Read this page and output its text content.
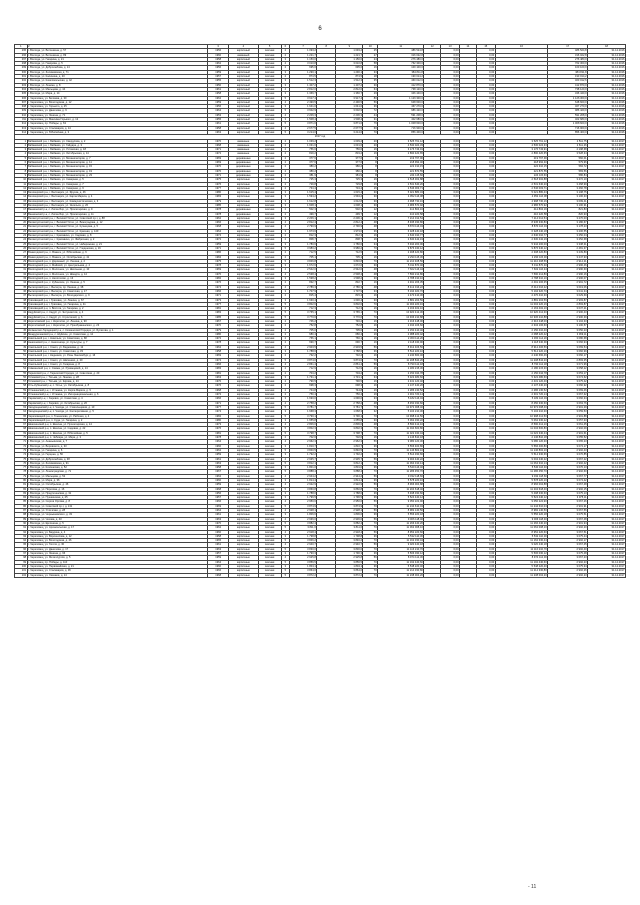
6
1	2	3	4	5	6	7	8	9	10	11	12	13	14	15	16	17	18
295	г. Вологда, ул. Ветошкина, д. 57	1956	кирпичный	скатная	2	1 093,2		1 093,2	25	486 524,8		0,00		0,00		486 524,8	31.12.2016
296	г. Вологда, ул. Ветошкина, д. 89	1960	каменный	скатная	2	1 221,7		1 221,7	27	316 022,8		0,00		0,00		316 022,8	31.12.2016
297	г. Вологда, ул. Гагарина, д. 21	1958	кирпичный	скатная	3	1 150,0		1 150,0	24	276 480,0		0,00		0,00		276 480,0	31.12.2016
298	г. Вологда, ул. Говорова, д. 5	1962	кирпичный	скатная	4	3 010,8		3 010,8	58	762 300,0		0,00		0,00		762 300,0	31.12.2016
299	г. Вологда, ул. Добролюбова, д. 14	1956	кирпичный	скатная	2	695,6		695,6	16	100 100,0		0,00		0,00		100 100,0	31.12.2016
300	г. Вологда, ул. Зосимовская, д. 71	1959	кирпичный	скатная	3	1 290,1		1 290,1	33	384 811,8		0,00		0,00		384 811,8	31.12.2016
301	г. Вологда, ул. Калинина, д. 20	1957	кирпичный	скатная	2	874,5		874,5	18	190 014,2		0,00		0,00		190 014,2	31.12.2016
302	г. Вологда, ул. Комсомольская, д. 42	1955	кирпичный	скатная	3	1 512,3		1 512,3	35	460 012,6		0,00		0,00		460 012,6	31.12.2016
303	г. Вологда, ул. Ленина, д. 8	1950	кирпичный	скатная	3	1 407,2		1 407,2	30	412 870,0		0,00		0,00		412 870,0	31.12.2016
304	г. Вологда, ул. Мальцева, д. 44	1961	кирпичный	скатная	4	2 812,0		2 812,0	64	738 120,0		0,00		0,00		738 120,0	31.12.2016
305	г. Вологда, ул. Мира, д. 14	1958	кирпичный	скатная	3	1 366,7		1 366,7	29	346 440,0		0,00		0,00		346 440,0	31.12.2016
306	г. Череповец, ул. Беляева, д. 30	1962	кирпичный	скатная	5	3 917,4		3 917,4	80	1 126 300,0		0,00		0,00		1 126 300,0	31.12.2016
307	г. Череповец, ул. Вологодская, д. 12	1959	кирпичный	скатная	4	2 490,5		2 490,5	56	648 600,0		0,00		0,00		648 600,0	31.12.2016
308	г. Череповец, ул. Горького, д. 25	1956	кирпичный	скатная	3	1 641,0		1 641,0	36	467 270,0		0,00		0,00		467 270,0	31.12.2016
309	г. Череповец, ул. Данилова, д. 9	1964	кирпичный	скатная	5	3 602,9		3 602,9	72	986 420,0		0,00		0,00		986 420,0	31.12.2016
310	г. Череповец, ул. Ленина, д. 71	1953	кирпичный	скатная	4	2 206,3		2 206,3	44	591 208,0		0,00		0,00		591 208,0	31.12.2016
311	г. Череповец, ул. Максима Горького, д. 12	1955	кирпичный	скатная	3	1 508,4		1 508,4	31	402 680,0		0,00		0,00		402 680,0	31.12.2016
312	г. Череповец, пр. Победы, д. 63	1961	кирпичный	скатная	5	3 871,6		3 871,6	76	1 008 600,0		0,00		0,00		1 008 600,0	31.12.2016
313	г. Череповец, ул. Сталеваров, д. 14	1958	кирпичный	скатная	4	2 677,5		2 677,5	60	716 900,0		0,00		0,00		716 900,0	31.12.2016
314	г. Череповец, ул. Юбилейная, д. 3	1963	кирпичный	скатная	5	3 214,0		3 214,0	70	856 400,0		0,00		0,00		856 400,0	31.12.2016
2017 год																	
1	Бабаевский р-н, г. Бабаево, ул. Свердлова, д. 2	1970	каменные	скатная	2	1 039,2		1 039,2	20	3 525 761,12		0,00		0,00	3 525 761,12	2 511,75	31.12.2017
2	Бабаевский р-н, г. Бабаево, ул. Гайдара, д. 3	1968	каменные	скатная	2	1 031,6		1 031,6	20	4 530 024,33		0,00		0,00	4 530 024,33	2 611,26	31.12.2017
3	Бабаевский р-н, г. Бабаево, ул. Ухтомская, д. 18	1971	каменные	скатная	2	756,6		756,6	16	3 176 743,91		0,00		0,00	3 176 743,91	4 198,68	31.12.2017
4	Бабаевский р-н, г. Бабаево, ул. Октябрьская, д. 14	1972	каменные	скатная	2	819,2		819,2	16	2 890 420,65		0,00		0,00	2 890 420,65	3 528,34	31.12.2017
5	Бабаевский р-н, г. Бабаево, ул. Механизаторов, д. 7	1969	деревянные	скатная	2	377,6		377,6	8	219 767,90		0,00		0,00	219 767,90	582,01	31.12.2017
6	Бабаевский р-н, г. Бабаево, ул. Механизаторов, д. 11	1969	деревянные	скатная	2	377,6		377,6	8	218 992,40		0,00		0,00	218 992,40	579,96	31.12.2017
7	Бабаевский р-н, г. Бабаево, ул. Механизаторов, д. 15	1970	деревянные	скатная	2	380,2		380,2	8	222 310,15		0,00		0,00	222 310,15	584,72	31.12.2017
8	Бабаевский р-н, г. Бабаево, ул. Механизаторов, д. 19	1970	деревянные	скатная	2	380,2		380,2	8	221 870,55		0,00		0,00	221 870,55	583,56	31.12.2017
9	Бабаевский р-н, г. Бабаево, ул. Механизаторов, д. 23	1971	деревянные	скатная	2	381,9		381,9	8	224 115,60		0,00		0,00	224 115,60	586,84	31.12.2017
10	Бабаевский р-н, г. Бабаево, ул. Северная, д. 5	1975	кирпичные	скатная	2	725,3		725,3	16	2 518 302,88		0,00		0,00	2 518 302,88	3 472,10	31.12.2017
11	Бабаевский р-н, г. Бабаево, ул. Северная, д. 7	1976	кирпичные	скатная	2	729,8		729,8	16	2 531 640,20		0,00		0,00	2 531 640,20	3 468,99	31.12.2017
12	Бабаевский р-н, г. Бабаево, ул. Северная, д. 9	1977	кирпичные	скатная	2	734,4		734,4	16	2 546 003,71		0,00		0,00	2 546 003,71	3 466,78	31.12.2017
13	Белозерский р-н, г. Белозерск, ул. Фрунзе, д. 46	1980	кирпичные	скатная	3	1 615,4		1 615,4	30	5 021 880,43		0,00		0,00	5 021 880,43	3 108,75	31.12.2017
14	Белозерский р-н, г. Белозерск, ул. Карла Маркса, д. 4	1983	кирпичные	скатная	3	1 594,2		1 594,2	30	4 952 116,08		0,00		0,00	4 952 116,08	3 106,33	31.12.2017
15	Белозерский р-н, г. Белозерск, ул. Коммунистическая, д. 3	1979	кирпичные	скатная	3	1 612,8		1 612,8	30	4 998 730,16		0,00		0,00	4 998 730,16	3 099,41	31.12.2017
16	Белозерский р-н, г. Белозерск, ул. Энгельса, д. 20	1985	кирпичные	скатная	3	1 608,1		1 608,1	30	4 986 570,92		0,00		0,00	4 986 570,92	3 100,91	31.12.2017
17	Вашкинский р-н, с. Липин Бор, ул. Пролетарская, д. 9	1978	деревянные	скатная	2	502,3		502,3	12	412 804,16		0,00		0,00	412 804,16	821,83	31.12.2017
18	Вашкинский р-н, с. Липин Бор, ул. Пролетарская, д. 11	1978	деревянные	скатная	2	499,7		499,7	12	410 220,58		0,00		0,00	410 220,58	820,93	31.12.2017
19	Великоустюгский р-н, г. Великий Устюг, ул. Советский пр-т, д. 88	1962	кирпичные	скатная	3	2 206,1		2 206,1	40	7 214 012,54		0,00		0,00	7 214 012,54	3 270,03	31.12.2017
20	Великоустюгский р-н, г. Великий Устюг, ул. Виноградова, д. 12	1966	кирпичные	скатная	4	2 812,4		2 812,4	48	8 945 330,80		0,00		0,00	8 945 330,80	3 180,67	31.12.2017
21	Великоустюгский р-н, г. Великий Устюг, ул. Кузнецова, д. 5	1968	кирпичные	скатная	4	2 790,9		2 790,9	48	8 870 116,04		0,00		0,00	8 870 116,04	3 178,23	31.12.2017
22	Великоустюгский р-н, г. Великий Устюг, ул. Красная, д. 140	1964	кирпичные	скатная	3	1 973,6		1 973,6	36	6 328 440,18		0,00		0,00	6 328 440,18	3 206,55	31.12.2017
23	Великоустюгский р-н, г. Красавино, ул. Садовая, д. 8	1974	кирпичные	скатная	2	812,3		812,3	16	2 640 010,77		0,00		0,00	2 640 010,77	3 250,04	31.12.2017
24	Великоустюгский р-н, г. Красавино, ул. Фабричная, д. 2	1972	кирпичные	скатная	2	808,7		808,7	16	2 630 442,19		0,00		0,00	2 630 442,19	3 252,68	31.12.2017
25	Великоустюгский р-н, г. Великий Устюг, ул. Набережная, д. 21	1959	кирпичные	скатная	3	1 780,6		1 780,6	34	5 944 200,00		0,00		0,00	5 944 200,00	3 338,31	31.12.2017
26	Великоустюгский р-н, г. Великий Устюг, ул. Гледенская, д. 16	1971	кирпичные	скатная	5	3 980,2		3 980,2	70	9 876 340,12		0,00		0,00	9 876 340,12	2 481,37	31.12.2017
27	Вожегодский р-н, п. Вожега, ул. Юбилейная, д. 6	1986	кирпичные	скатная	2	712,5		712,5	16	2 308 420,80		0,00		0,00	2 308 420,80	3 239,89	31.12.2017
28	Вожегодский р-н, п. Вожега, ул. Октябрьская, д. 41	1984	кирпичные	скатная	2	705,1		705,1	16	2 290 115,30		0,00		0,00	2 290 115,30	3 247,93	31.12.2017
29	Вологодский р-н, п. Дорожный, ул. Ленина, д. 2	1975	кирпичные	скатная	5	3 846,8		3 846,8	70	11 210 408,56		0,00		0,00	11 210 408,56	2 914,21	31.12.2017
30	Вологодский р-н, п. Майский, ул. Центральная, д. 4	1978	кирпичные	скатная	3	1 672,6		1 672,6	30	5 011 870,40		0,00		0,00	5 011 870,40	2 996,46	31.12.2017
31	Вологодский р-н, п. Молочное, ул. Школьная, д. 10	1969	кирпичные	скатная	4	2 542,0		2 542,0	48	7 602 116,44		0,00		0,00	7 602 116,44	2 990,60	31.12.2017
32	Вологодский р-н, п. Молочное, ул. Шмидта, д. 14	1970	кирпичные	скатная	4	2 538,4		2 538,4	48	7 590 212,80		0,00		0,00	7 590 212,80	2 990,16	31.12.2017
33	Вологодский р-н, п. Непотягово, д. 13	1982	кирпичные	скатная	3	1 598,2		1 598,2	30	4 788 310,10		0,00		0,00	4 788 310,10	2 996,07	31.12.2017
34	Вологодский р-н, с. Кубенское, ул. Ленина, д. 5	1976	кирпичные	скатная	2	832,7		832,7	16	2 491 206,35		0,00		0,00	2 491 206,35	2 991,72	31.12.2017
35	Вытегорский р-н, г. Вытегра, пр. Ленина, д. 38	1974	кирпичные	скатная	4	2 786,3		2 786,3	48	8 412 016,22		0,00		0,00	8 412 016,22	3 019,06	31.12.2017
36	Вытегорский р-н, г. Вытегра, ул. Советская, д. 17	1966	кирпичные	скатная	3	1 707,9		1 707,9	33	5 194 320,70		0,00		0,00	5 194 320,70	3 041,34	31.12.2017
37	Вытегорский р-н, г. Вытегра, ул. Володарского, д. 9	1971	кирпичные	скатная	2	815,4		815,4	16	2 470 410,30		0,00		0,00	2 470 410,30	3 029,69	31.12.2017
38	Грязовецкий р-н, г. Грязовец, ул. Ленина, д. 67	1973	кирпичные	скатная	3	1 630,4		1 630,4	30	4 881 204,56		0,00		0,00	4 881 204,56	2 993,87	31.12.2017
39	Грязовецкий р-н, г. Грязовец, ул. Гагарина, д. 41	1977	кирпичные	скатная	5	3 802,6		3 802,6	70	11 004 220,16		0,00		0,00	11 004 220,16	2 893,87	31.12.2017
40	Грязовецкий р-н, п. Вохтога, ул. Гагарина, д. 2	1981	кирпичные	скатная	2	712,3		712,3	16	2 163 402,10		0,00		0,00	2 163 402,10	3 037,21	31.12.2017
41	Кадуйский р-н, п. Кадуй, ул. Энтузиастов, д. 4	1983	кирпичные	скатная	5	3 765,1		3 765,1	70	10 920 412,30		0,00		0,00	10 920 412,30	2 900,43	31.12.2017
42	Кадуйский р-н, п. Кадуй, ул. Строителей, д. 6	1985	кирпичные	скатная	5	3 770,6		3 770,6	70	10 936 210,88		0,00		0,00	10 936 210,88	2 900,39	31.12.2017
43	Кирилловский р-н, г. Кириллов, ул. Ленина, д. 90	1967	кирпичные	скатная	2	746,2		746,2	16	2 316 448,00		0,00		0,00	2 316 448,00	3 104,33	31.12.2017
44	Кирилловский р-н, г. Кириллов, ул. Преображенского, д. 23	1970	кирпичные	скатная	2	752,8		752,8	16	2 334 106,60		0,00		0,00	2 334 106,60	3 100,57	31.12.2017
45	Кичменгско-Городецкий р-н, с. Кичменгский Городок, ул. Булатова, д. 1	1979	кирпичные	скатная	2	705,0		705,0	16	2 150 410,40		0,00		0,00	2 150 410,40	3 050,23	31.12.2017
46	Междуреченский р-н, с. Шуйское, ул. Советская, д. 12	1980	кирпичные	скатная	2	680,4		680,4	16	2 088 220,42		0,00		0,00	2 088 220,42	3 069,11	31.12.2017
47	Никольский р-н, г. Никольск, ул. Советская, д. 68	1972	кирпичные	скатная	2	766,1		766,1	16	2 360 114,20		0,00		0,00	2 360 114,20	3 080,68	31.12.2017
48	Нюксенский р-н, с. Нюксеница, ул. Культуры, д. 7	1978	кирпичные	скатная	2	690,7		690,7	16	2 118 340,90		0,00		0,00	2 118 340,90	3 066,94	31.12.2017
49	Сокольский р-н, г. Сокол, ул. Беднякова, д. 12	1962	кирпичные	скатная	4	2 903,5		2 903,5	56	8 912 406,56		0,00		0,00	8 912 406,56	3 069,54	31.12.2017
50	Сокольский р-н, г. Сокол, ул. Советская, д. 33	1958	кирпичные	скатная	3	1 788,6		1 788,6	36	5 514 220,10		0,00		0,00	5 514 220,10	3 082,99	31.12.2017
51	Сокольский р-н, г. Кадников, ул. Розы Люксембург, д. 16	1969	кирпичные	скатная	2	732,2		732,2	16	2 240 660,46		0,00		0,00	2 240 660,46	3 060,17	31.12.2017
52	Сокольский р-н, г. Сокол, ул. Шатенево, д. 20	1974	кирпичные	скатная	5	3 874,0		3 874,0	70	11 208 844,20		0,00		0,00	11 208 844,20	2 893,35	31.12.2017
53	Сокольский р-н, г. Сокол, ул. Гагарина, д. 8	1966	кирпичные	скатная	4	2 861,4		2 861,4	56	8 790 112,18		0,00		0,00	8 790 112,18	3 071,96	31.12.2017
54	Сямженский р-н, с. Сямжа, ул. Румянцевой, д. 14	1983	кирпичные	скатная	2	712,9		712,9	16	2 180 215,30		0,00		0,00	2 180 215,30	3 058,22	31.12.2017
55	Тарногский р-н, с. Тарногский Городок, ул. Советская, д. 20	1981	кирпичные	скатная	2	704,2		704,2	16	2 150 044,78		0,00		0,00	2 150 044,78	3 053,17	31.12.2017
56	Тотемский р-н, г. Тотьма, ул. Ленина, д. 28	1963	кирпичные	скатная	3	1 731,1		1 731,1	34	5 322 480,60		0,00		0,00	5 322 480,60	3 074,62	31.12.2017
57	Тотемский р-н, г. Тотьма, ул. Кирова, д. 14	1970	кирпичные	скатная	2	790,5		790,5	16	2 431 120,40		0,00		0,00	2 431 120,40	3 075,42	31.12.2017
58	Усть-Кубинский р-н, с. Устье, ул. Октябрьская, д. 8	1976	кирпичные	скатная	2	698,3		698,3	16	2 137 440,20		0,00		0,00	2 137 440,20	3 060,92	31.12.2017
59	Устюженский р-н, г. Устюжна, ул. Карла Маркса, д. 9	1968	кирпичные	скатная	2	744,8		744,8	16	2 286 130,52		0,00		0,00	2 286 130,52	3 069,46	31.12.2017
60	Устюженский р-н, г. Устюжна, ул. Интернациональная, д. 6	1972	кирпичные	скатная	2	750,4		750,4	16	2 301 720,14		0,00		0,00	2 301 720,14	3 067,32	31.12.2017
61	Харовский р-н, г. Харовск, ул. Советская, д. 4	1966	кирпичные	скатная	3	1 690,0		1 690,0	33	5 182 116,04		0,00		0,00	5 182 116,04	3 066,34	31.12.2017
62	Харовский р-н, г. Харовск, ул. Октябрьская, д. 26	1971	кирпичные	скатная	4	2 758,2		2 758,2	48	8 450 330,60		0,00		0,00	8 450 330,60	3 063,76	31.12.2017
63	Чагодощенский р-н, п. Чагода, ул. Стекольщиков, д. 10	1977	кирпичные	скатная	5	3 781,7		3 781,7	70	10 972 008,40		0,00		0,00	10 972 008,40	2 901,29	31.12.2017
64	Чагодощенский р-н, п. Чагода, ул. Кооперативная, д. 5	1974	кирпичные	скатная	3	1 668,3		1 668,3	32	5 104 210,30		0,00		0,00	5 104 210,30	3 059,53	31.12.2017
65	Череповецкий р-н, п. Тоншалово, ул. Рабочая, д. 4	1982	кирпичные	скатная	5	3 790,1		3 790,1	70	10 998 412,50		0,00		0,00	10 998 412,50	2 901,88	31.12.2017
66	Череповецкий р-н, п. Суда, ул. Гагарина, д. 2	1980	кирпичные	скатная	3	1 655,8		1 655,8	30	5 062 330,22		0,00		0,00	5 062 330,22	3 057,33	31.12.2017
67	Шекснинский р-н, п. Шексна, ул. Пролетарская, д. 14	1973	кирпичные	скатная	4	2 806,0		2 806,0	48	8 590 412,10		0,00		0,00	8 590 412,10	3 061,45	31.12.2017
68	Шекснинский р-н, п. Шексна, ул. Садовая, д. 22	1976	кирпичные	скатная	5	3 802,3		3 802,3	70	11 034 600,80		0,00		0,00	11 034 600,80	2 902,09	31.12.2017
69	Шекснинский р-н, п. Шексна, ул. Юбилейная, д. 5	1981	кирпичные	скатная	5	3 798,7		3 798,7	70	11 022 340,44		0,00		0,00	11 022 340,44	2 901,61	31.12.2017
70	Шекснинский р-н, п. Чебсара, ул. Мира, д. 3	1978	кирпичные	скатная	2	702,6		702,6	16	2 146 810,18		0,00		0,00	2 146 810,18	3 055,52	31.12.2017
71	г. Вологда, ул. Ананьинская, д. 7	1964	кирпичные	скатная	4	2 962,3		2 962,3	56	9 080 120,30		0,00		0,00	9 080 120,30	3 065,23	31.12.2017
72	г. Вологда, ул. Воровского, д. 33	1960	кирпичные	скатная	3	1 810,7		1 810,7	36	5 566 400,80		0,00		0,00	5 566 400,80	3 074,17	31.12.2017
73	г. Вологда, ул. Гагарина, д. 6	1962	кирпичные	скатная	5	3 840,5		3 840,5	70	11 146 802,10		0,00		0,00	11 146 802,10	2 902,43	31.12.2017
74	г. Вологда, ул. Герцена, д. 56	1959	кирпичные	скатная	3	1 792,2		1 792,2	36	5 514 330,66		0,00		0,00	5 514 330,66	3 076,85	31.12.2017
75	г. Вологда, ул. Добролюбова, д. 38	1961	кирпичные	скатная	4	2 935,7		2 935,7	56	9 004 440,22		0,00		0,00	9 004 440,22	3 067,22	31.12.2017
76	г. Вологда, ул. Зосимовская, д. 91	1963	кирпичные	скатная	5	3 812,1		3 812,1	70	11 064 310,14		0,00		0,00	11 064 310,14	2 902,42	31.12.2017
77	г. Вологда, ул. Козленская, д. 52	1958	кирпичные	скатная	3	1 801,0		1 801,0	36	5 540 116,40		0,00		0,00	5 540 116,40	3 076,13	31.12.2017
78	г. Вологда, ул. Ленинградская, д. 71	1967	кирпичные	скатная	5	3 888,4		3 888,4	70	11 286 450,70		0,00		0,00	11 286 450,70	2 902,60	31.12.2017
79	г. Вологда, ул. Мальцева, д. 52	1962	кирпичные	скатная	4	2 944,2		2 944,2	56	9 032 118,60		0,00		0,00	9 032 118,60	3 067,77	31.12.2017
80	г. Вологда, ул. Мира, д. 36	1960	кирпичные	скатная	3	1 814,4		1 814,4	36	5 578 220,10		0,00		0,00	5 578 220,10	3 074,42	31.12.2017
81	г. Вологда, ул. Октябрьская, д. 46	1959	кирпичные	скатная	4	2 922,9		2 922,9	56	8 966 004,88		0,00		0,00	8 966 004,88	3 067,48	31.12.2017
82	г. Вологда, ул. Пирогова, д. 16	1968	кирпичные	скатная	5	3 860,8		3 860,8	70	11 204 618,40		0,00		0,00	11 204 618,40	2 902,15	31.12.2017
83	г. Вологда, ул. Предтеченская, д. 31	1956	кирпичные	скатная	3	1 788,0		1 788,0	36	5 498 330,60		0,00		0,00	5 498 330,60	3 075,13	31.12.2017
84	г. Вологда, ул. Пушкинская, д. 25	1957	кирпичные	скатная	3	1 796,5		1 796,5	36	5 524 440,12		0,00		0,00	5 524 440,12	3 075,11	31.12.2017
85	г. Вологда, ул. Сергея Орлова, д. 8	1966	кирпичные	скатная	4	2 950,6		2 950,6	56	9 050 222,90		0,00		0,00	9 050 222,90	3 067,26	31.12.2017
86	г. Вологда, ул. Советский пр-т, д. 131	1969	кирпичные	скатная	5	3 874,9		3 874,9	70	11 244 610,04		0,00		0,00	11 244 610,04	2 901,91	31.12.2017
87	г. Вологда, ул. Угличская, д. 28	1964	кирпичные	скатная	4	2 928,1		2 928,1	56	8 982 140,50		0,00		0,00	8 982 140,50	3 067,56	31.12.2017
88	г. Вологда, ул. Чернышевского, д. 33	1961	кирпичные	скатная	3	1 806,6		1 806,6	36	5 556 220,18		0,00		0,00	5 556 220,18	3 075,51	31.12.2017
89	г. Вологда, ул. Чехова, д. 43	1963	кирпичные	скатная	4	2 936,0		2 936,0	56	9 006 118,40		0,00		0,00	9 006 118,40	3 067,48	31.12.2017
90	г. Вологда, ул. Щетинина, д. 5	1970	кирпичные	скатная	5	3 882,4		3 882,4	70	11 266 440,20		0,00		0,00	11 266 440,20	2 901,94	31.12.2017
91	г. Череповец, ул. Архангельская, д. 17	1962	кирпичные	скатная	5	3 811,6		3 811,6	70	11 062 008,10		0,00		0,00	11 062 008,10	2 902,20	31.12.2017
92	г. Череповец, ул. Бардина, д. 4	1960	кирпичные	скатная	4	2 918,4		2 918,4	56	8 952 220,60		0,00		0,00	8 952 220,60	3 067,51	31.12.2017
93	г. Череповец, ул. Ворошилова, д. 12	1958	кирпичные	скатная	3	1 798,8		1 798,8	36	5 532 110,30		0,00		0,00	5 532 110,30	3 075,44	31.12.2017
94	г. Череповец, ул. Вологодская, д. 26	1965	кирпичные	скатная	5	3 846,2		3 846,2	70	11 162 330,44		0,00		0,00	11 162 330,44	2 902,17	31.12.2017
95	г. Череповец, ул. Гоголя, д. 30	1961	кирпичные	скатная	4	2 940,7		2 940,7	56	9 020 440,18		0,00		0,00	9 020 440,18	3 067,45	31.12.2017
96	г. Череповец, ул. Данилова, д. 17	1963	кирпичные	скатная	5	3 830,0		3 830,0	70	11 116 210,70		0,00		0,00	11 116 210,70	2 902,40	31.12.2017
97	г. Череповец, ул. Ленина, д. 96	1957	кирпичные	скатная	3	1 790,3		1 790,3	36	5 506 030,12		0,00		0,00	5 506 030,12	3 075,48	31.12.2017
98	г. Череповец, ул. Металлургов, д. 5	1959	кирпичные	скатная	4	2 925,8		2 925,8	56	8 974 112,30		0,00		0,00	8 974 112,30	3 067,23	31.12.2017
99	г. Череповец, пр. Победы, д. 110	1964	кирпичные	скатная	5	3 856,5		3 856,5	70	11 192 440,60		0,00		0,00	11 192 440,60	2 902,23	31.12.2017
100	г. Череповец, ул. Первомайская, д. 21	1960	кирпичные	скатная	3	1 804,1		1 804,1	36	5 548 220,40		0,00		0,00	5 548 220,40	3 075,34	31.12.2017
101	г. Череповец, ул. Сталеваров, д. 36	1966	кирпичные	скатная	5	3 864,0		3 864,0	70	11 214 330,80		0,00		0,00	11 214 330,80	2 902,26	31.12.2017
102	г. Череповец, ул. Химиков, д. 14	1968	кирпичные	скатная	5	3 872,2		3 872,2	70	11 238 004,20		0,00		0,00	11 238 004,20	2 902,23	31.12.2017
- 11
